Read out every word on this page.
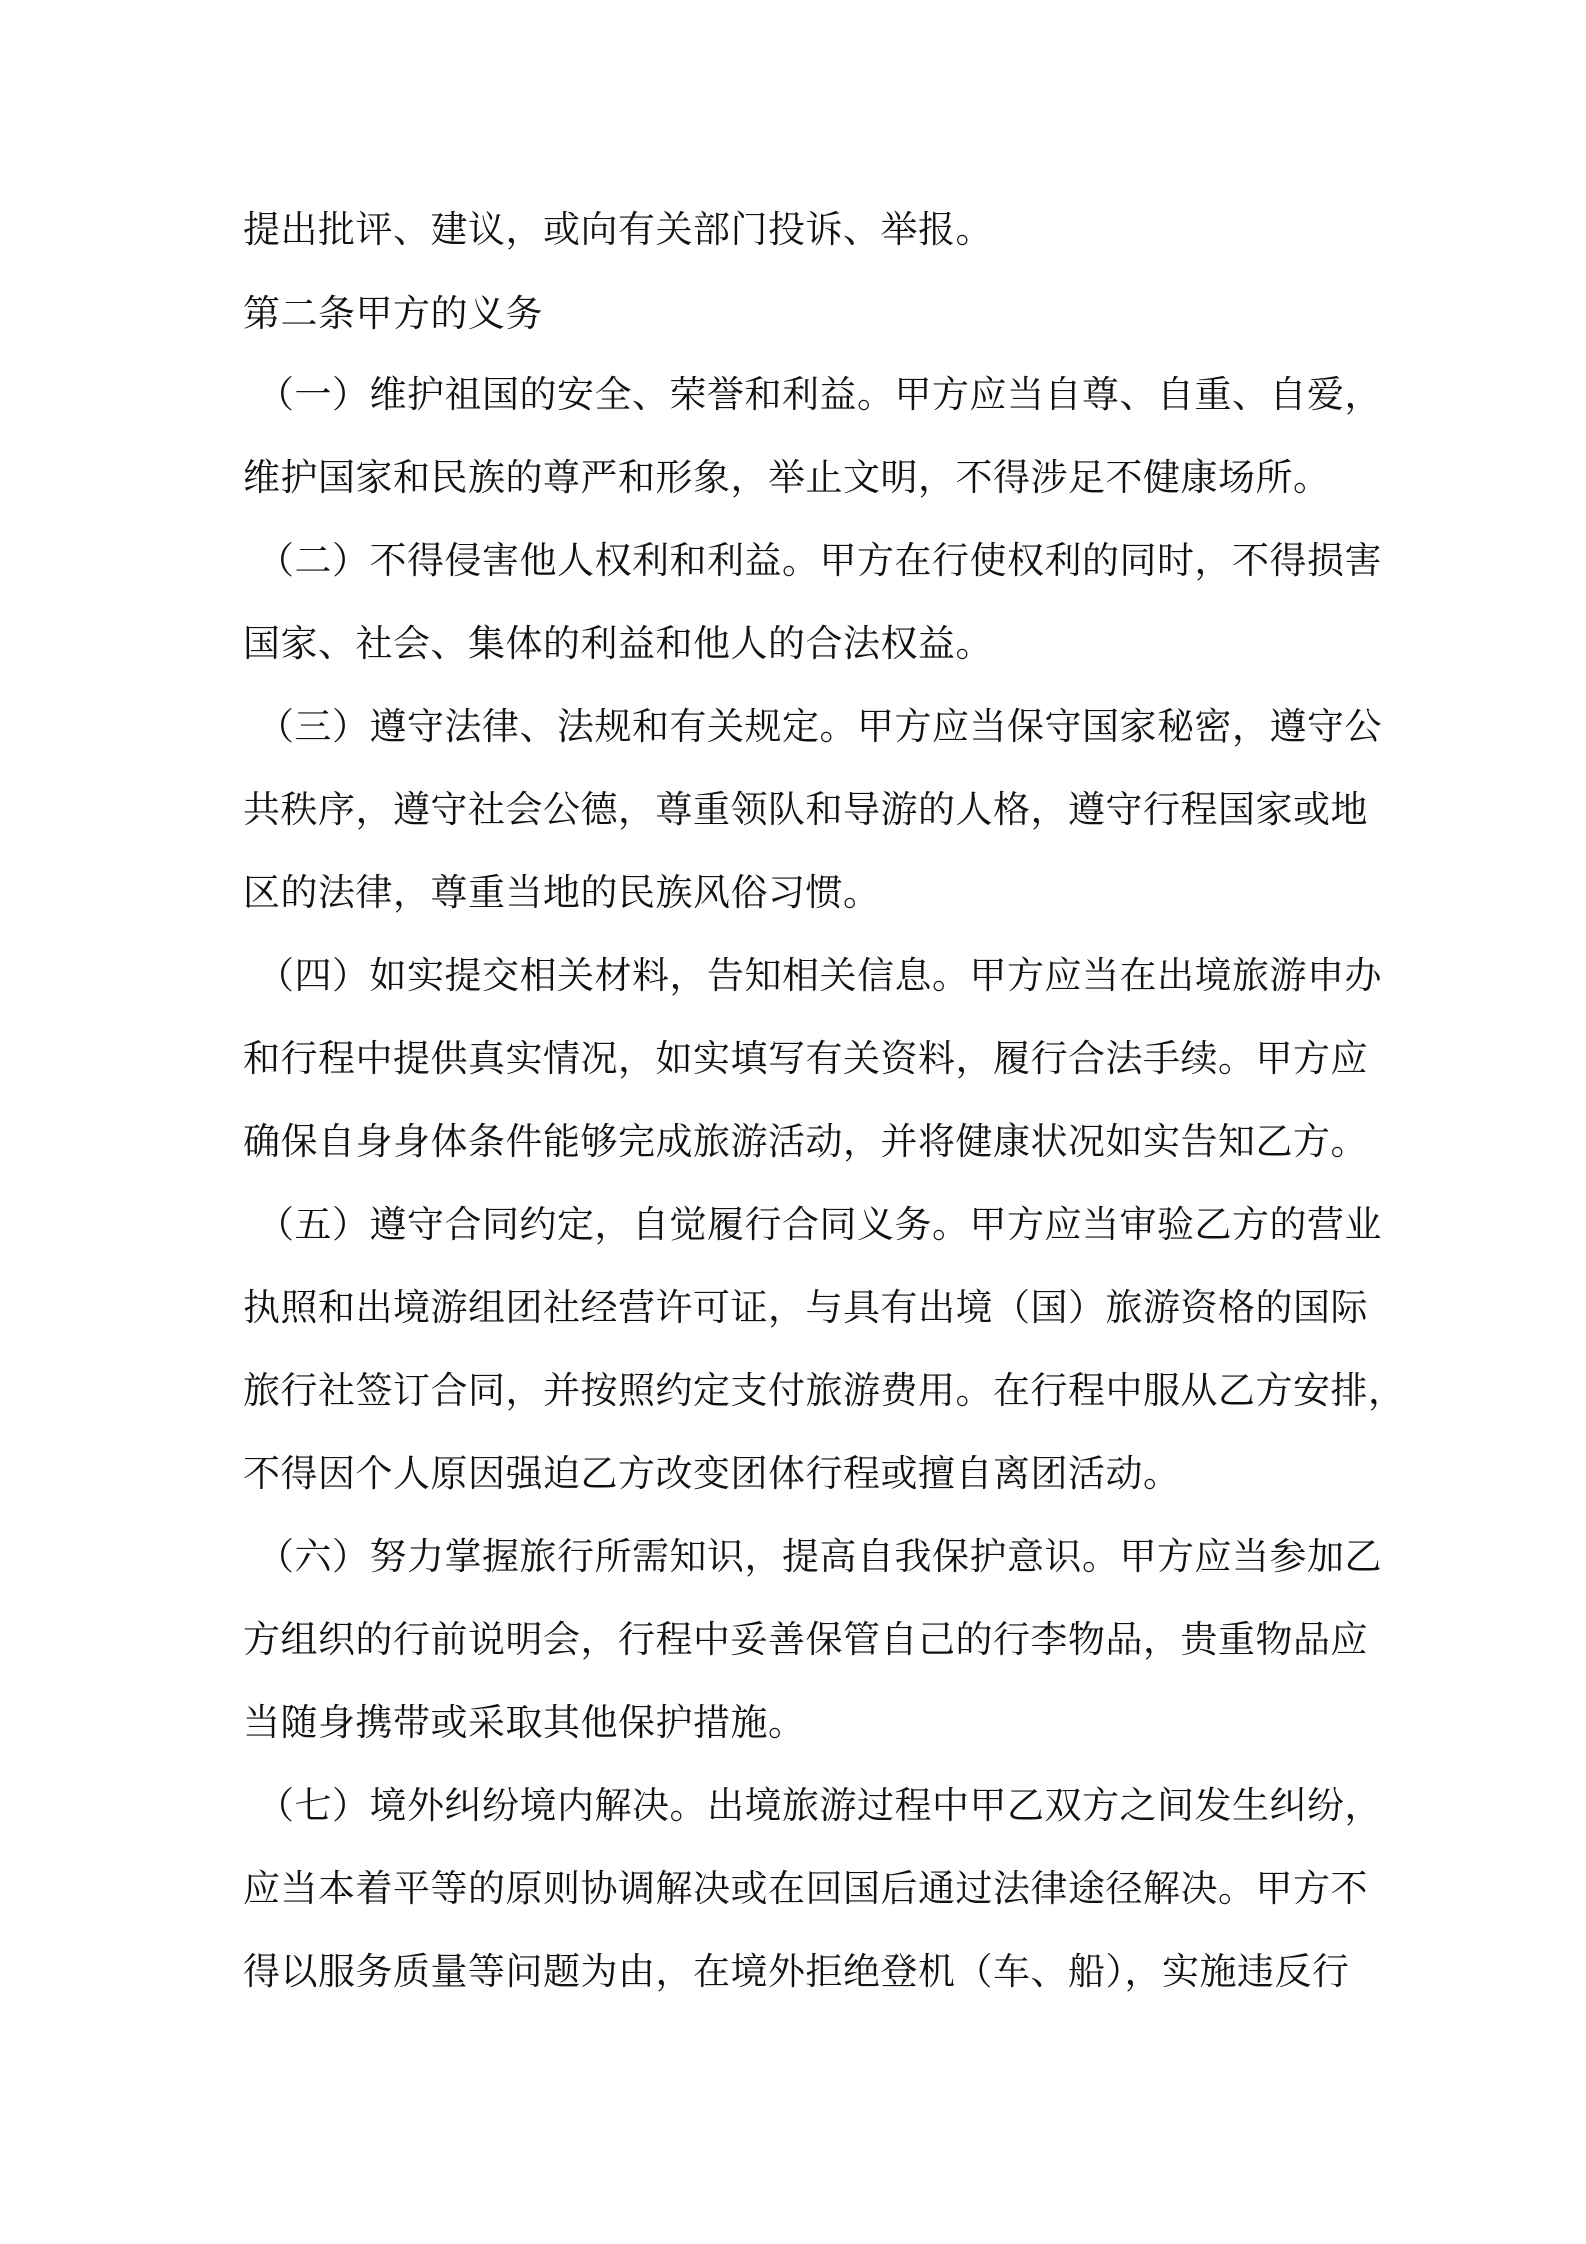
提出批评、建议，或向有关部门投诉、举报。
第二条甲方的义务
（一）维护祖国的安全、荣誉和利益。甲方应当自尊、自重、自爱，
维护国家和民族的尊严和形象，举止文明，不得涉足不健康场所。
（二）不得侵害他人权利和利益。甲方在行使权利的同时，不得损害
国家、社会、集体的利益和他人的合法权益。
（三）遵守法律、法规和有关规定。甲方应当保守国家秘密，遵守公
共秩序，遵守社会公德，尊重领队和导游的人格，遵守行程国家或地
区的法律，尊重当地的民族风俗习惯。
（四）如实提交相关材料，告知相关信息。甲方应当在出境旅游申办
和行程中提供真实情况，如实填写有关资料，履行合法手续。甲方应
确保自身身体条件能够完成旅游活动，并将健康状况如实告知乙方。
（五）遵守合同约定，自觉履行合同义务。甲方应当审验乙方的营业
执照和出境游组团社经营许可证，与具有出境（国）旅游资格的国际
旅行社签订合同，并按照约定支付旅游费用。在行程中服从乙方安排，
不得因个人原因强迫乙方改变团体行程或擅自离团活动。
（六）努力掌握旅行所需知识，提高自我保护意识。甲方应当参加乙
方组织的行前说明会，行程中妥善保管自己的行李物品，贵重物品应
当随身携带或采取其他保护措施。
（七）境外纠纷境内解决。出境旅游过程中甲乙双方之间发生纠纷，
应当本着平等的原则协调解决或在回国后通过法律途径解决。甲方不
得以服务质量等问题为由，在境外拒绝登机（车、船），实施违反行
